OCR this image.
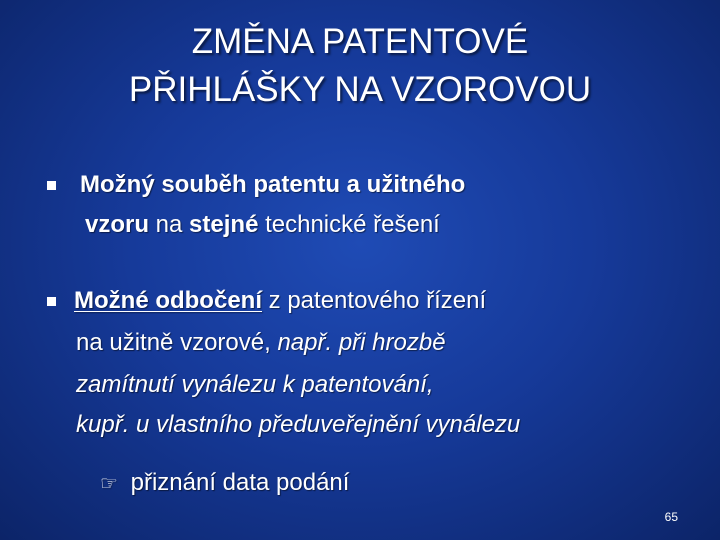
ZMĚNA PATENTOVÉ
PŘIHLÁŠKY NA VZOROVOU
Možný souběh patentu a užitného
vzoru na stejné technické řešení
Možné odbočení z patentového řízení
na užitně vzorové, např. při hrozbě
zamítnutí vynálezu k patentování,
kupř. u vlastního předuveřejnění vynálezu
☞ přiznání data podání
65
